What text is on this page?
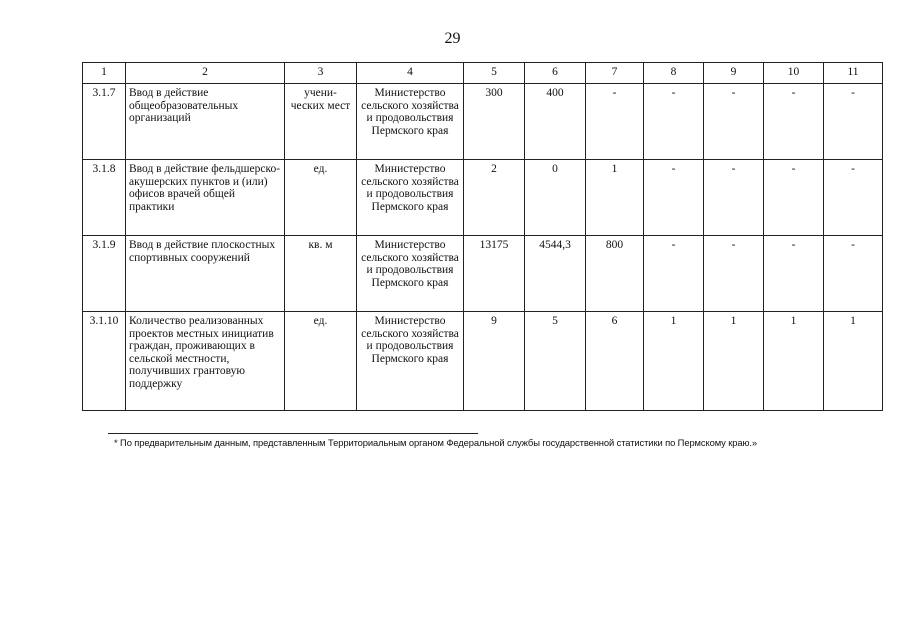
29
1	2	3	4	5	6	7	8	9	10	11
3.1.7	Ввод в действие общеобразовательных организаций	учени-ческих мест	Министерство сельского хозяйства и продовольствия Пермского края	300	400	-	-	-	-	-
3.1.8	Ввод в действие фельдшерско-акушерских пунктов и (или) офисов врачей общей практики	ед.	Министерство сельского хозяйства и продовольствия Пермского края	2	0	1	-	-	-	-
3.1.9	Ввод в действие плоскостных спортивных сооружений	кв. м	Министерство сельского хозяйства и продовольствия Пермского края	13175	4544,3	800	-	-	-	-
3.1.10	Количество реализованных проектов местных инициатив граждан, проживающих в сельской местности, получивших грантовую поддержку	ед.	Министерство сельского хозяйства и продовольствия Пермского края	9	5	6	1	1	1	1
* По предварительным данным, представленным Территориальным органом Федеральной службы государственной статистики по Пермскому краю.»
